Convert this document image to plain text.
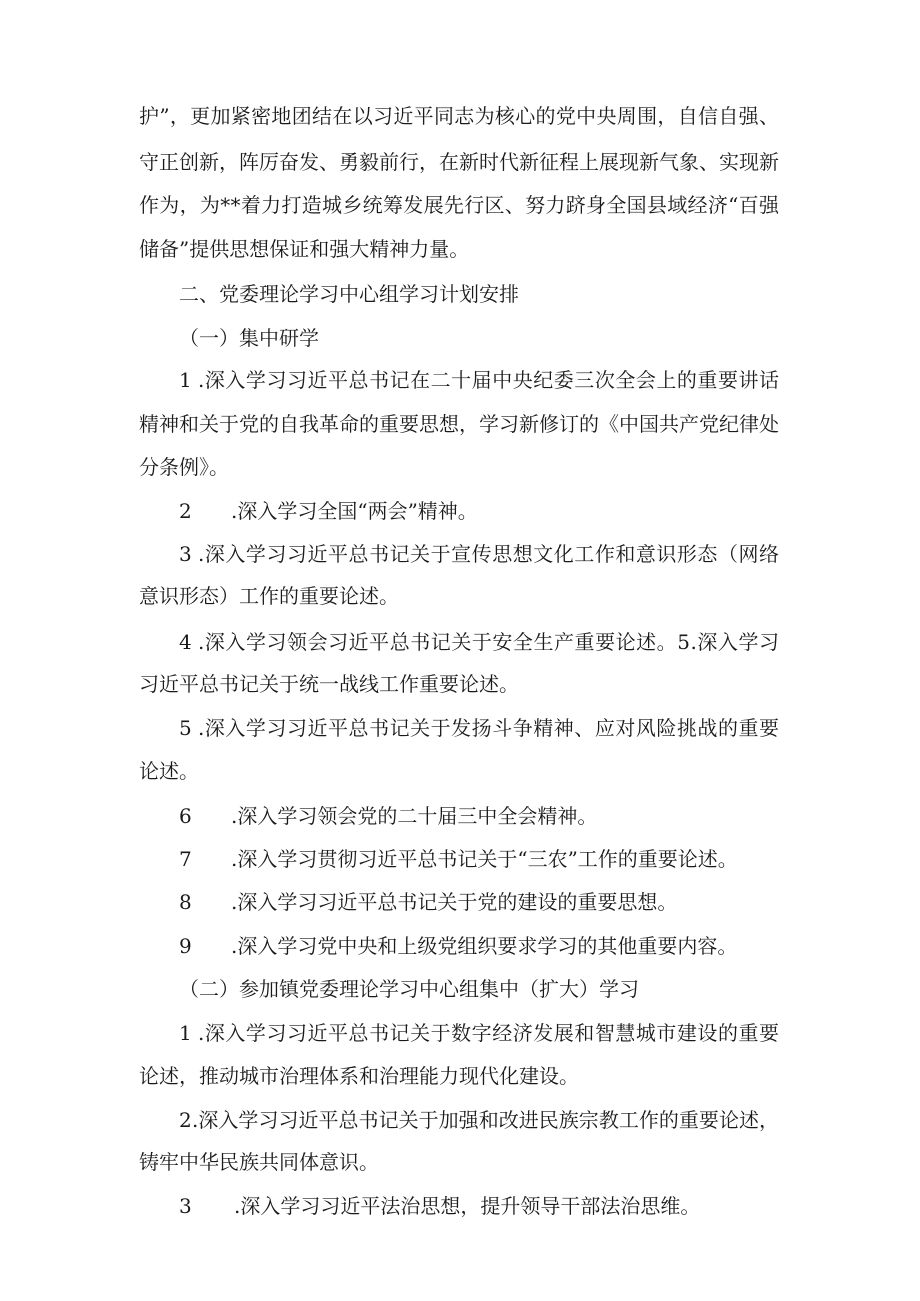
护”，更加紧密地团结在以习近平同志为核心的党中央周围，自信自强、
守正创新，阵厉奋发、勇毅前行，在新时代新征程上展现新气象、实现新
作为，为**着力打造城乡统筹发展先行区、努力跻身全国县域经济“百强
储备”提供思想保证和强大精神力量。
二、党委理论学习中心组学习计划安排
（一）集中研学
1 .深入学习习近平总书记在二十届中央纪委三次全会上的重要讲话
精神和关于党的自我革命的重要思想，学习新修订的《中国共产党纪律处
分条例》。
2 .深入学习全国“两会”精神。
3 .深入学习习近平总书记关于宣传思想文化工作和意识形态（网络
意识形态）工作的重要论述。
4 .深入学习领会习近平总书记关于安全生产重要论述。5.深入学习
习近平总书记关于统一战线工作重要论述。
5 .深入学习习近平总书记关于发扬斗争精神、应对风险挑战的重要
论述。
6 .深入学习领会党的二十届三中全会精神。
7 .深入学习贯彻习近平总书记关于“三农”工作的重要论述。
8 .深入学习习近平总书记关于党的建设的重要思想。
9 .深入学习党中央和上级党组织要求学习的其他重要内容。
（二）参加镇党委理论学习中心组集中（扩大）学习
1 .深入学习习近平总书记关于数字经济发展和智慧城市建设的重要
论述，推动城市治理体系和治理能力现代化建设。
2 .深入学习习近平总书记关于加强和改进民族宗教工作的重要论述，
铸牢中华民族共同体意识。
3 .深入学习习近平法治思想，提升领导干部法治思维。
